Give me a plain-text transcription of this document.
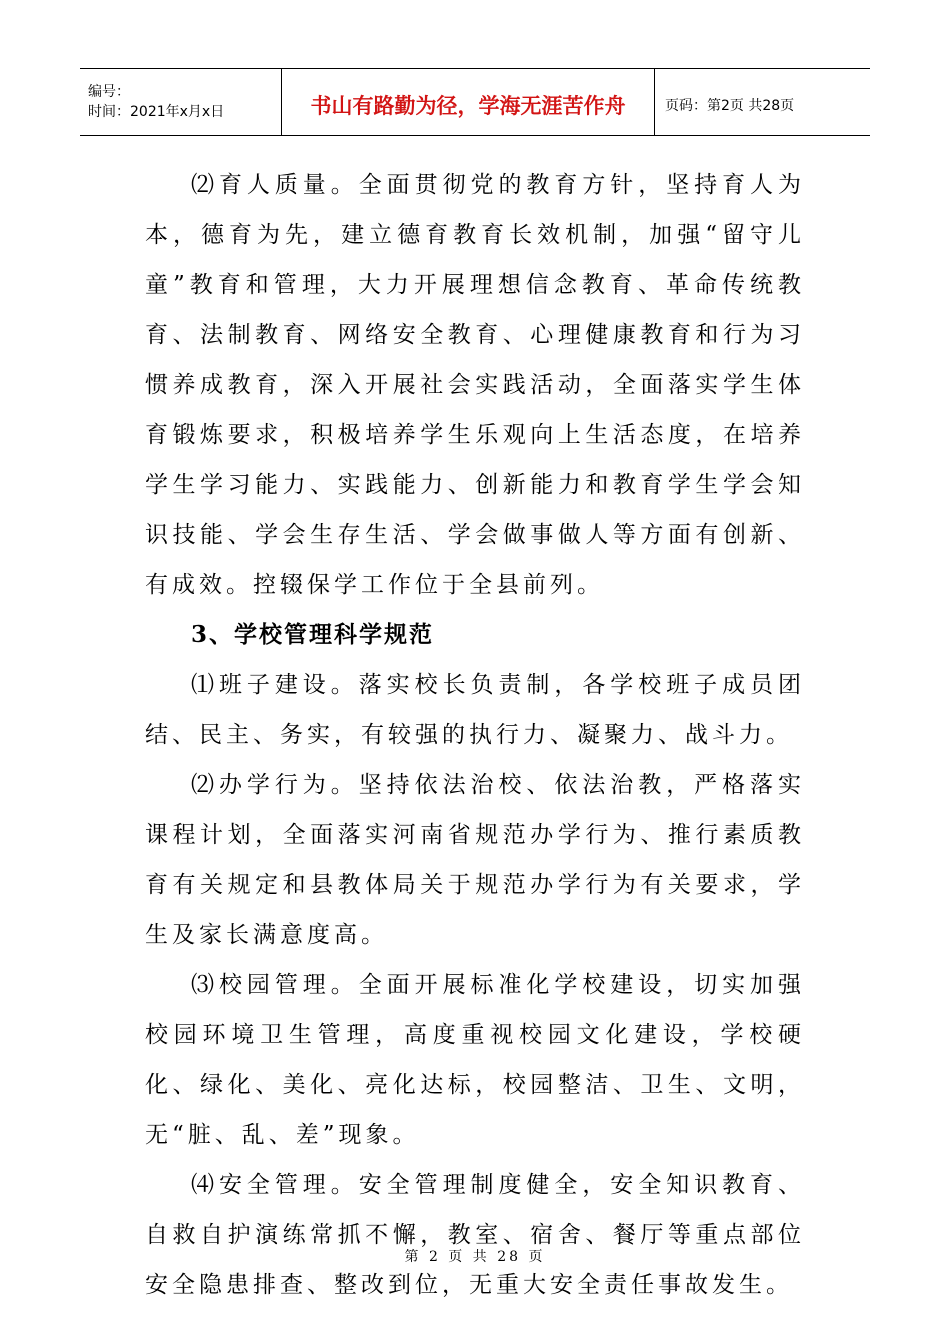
编号：
时间：2021年x月x日	书山有路勤为径，学海无涯苦作舟	页码：第2页 共28页

⑵育人质量。全面贯彻党的教育方针，坚持育人为本，德育为先，建立德育教育长效机制，加强“留守儿童”教育和管理，大力开展理想信念教育、革命传统教育、法制教育、网络安全教育、心理健康教育和行为习惯养成教育，深入开展社会实践活动，全面落实学生体育锻炼要求，积极培养学生乐观向上生活态度，在培养学生学习能力、实践能力、创新能力和教育学生学会知识技能、学会生存生活、学会做事做人等方面有创新、有成效。控辍保学工作位于全县前列。

3、学校管理科学规范

⑴班子建设。落实校长负责制，各学校班子成员团结、民主、务实，有较强的执行力、凝聚力、战斗力。

⑵办学行为。坚持依法治校、依法治教，严格落实课程计划，全面落实河南省规范办学行为、推行素质教育有关规定和县教体局关于规范办学行为有关要求，学生及家长满意度高。

⑶校园管理。全面开展标准化学校建设，切实加强校园环境卫生管理，高度重视校园文化建设，学校硬化、绿化、美化、亮化达标，校园整洁、卫生、文明，无“脏、乱、差”现象。

⑷安全管理。安全管理制度健全，安全知识教育、自救自护演练常抓不懈，教室、宿舍、餐厅等重点部位安全隐患排查、整改到位，无重大安全责任事故发生。

第 2 页 共 28 页
